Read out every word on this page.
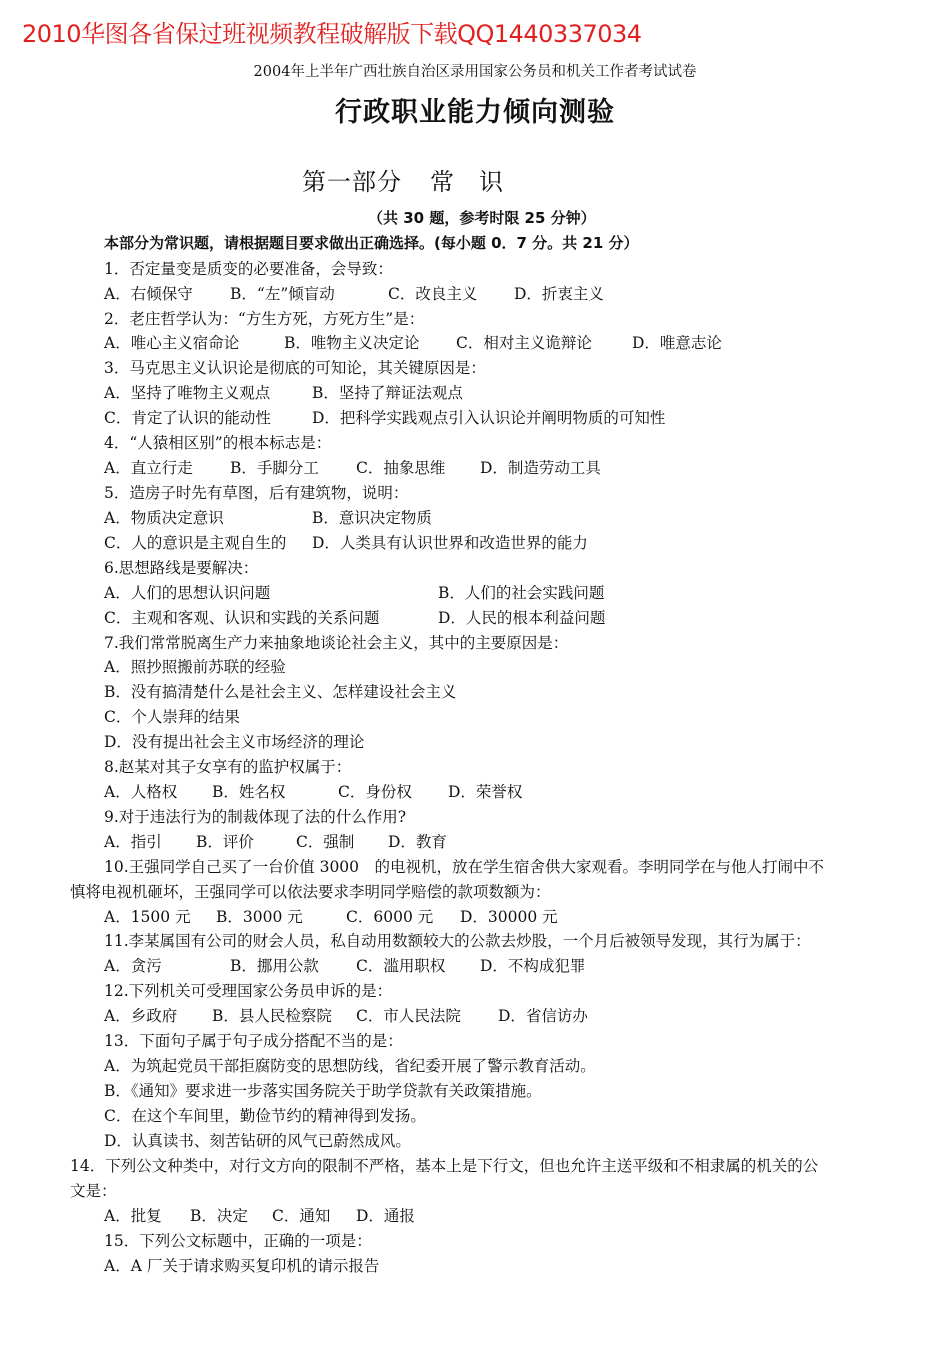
2010华图各省保过班视频教程破解版下载QQ1440337034
2004年上半年广西壮族自治区录用国家公务员和机关工作者考试试卷
行政职业能力倾向测验
第一部分 常 识
（共 30 题，参考时限 25 分钟）
本部分为常识题，请根据题目要求做出正确选择。(每小题 0．7 分。共 21 分）
1．否定量变是质变的必要准备，会导致：
A．右倾保守 B．“左”倾盲动	C．改良主义 D．折衷主义
2．老庄哲学认为：“方生方死，方死方生”是：
A．唯心主义宿命论	B．唯物主义决定论 C．相对主义诡辩论	D．唯意志论
3．马克思主义认识论是彻底的可知论，其关键原因是：
A．坚持了唯物主义观点	B．坚持了辩证法观点
C．肯定了认识的能动性	D．把科学实践观点引入认识论并阐明物质的可知性
4．“人猿相区别”的根本标志是：
A．直立行走 B．手脚分工 C．抽象思维 D．制造劳动工具
5．造房子时先有草图，后有建筑物，说明：
A．物质决定意识	B．意识决定物质
C．人的意识是主观自生的 D．人类具有认识世界和改造世界的能力
6.思想路线是要解决：
A．人们的思想认识问题	B．人们的社会实践问题
C．主观和客观、认识和实践的关系问题	D．人民的根本利益问题
7.我们常常脱离生产力来抽象地谈论社会主义，其中的主要原因是：
A．照抄照搬前苏联的经验
B．没有搞清楚什么是社会主义、怎样建设社会主义
C．个人崇拜的结果
D．没有提出社会主义市场经济的理论
8.赵某对其子女享有的监护权属于：
A．人格权 B．姓名权	C．身份权 D．荣誉权
9.对于违法行为的制裁体现了法的什么作用?
A．指引 B．评价	C．强制 D．教育
10.王强同学自己买了一台价值 3000　的电视机，放在学生宿舍供大家观看。李明同学在与他人打闹中不
慎将电视机砸坏，王强同学可以依法要求李明同学赔偿的款项数额为：
A．1500 元 B．3000 元	C．6000 元 D．30000 元
11.李某属国有公司的财会人员，私自动用数额较大的公款去炒股，一个月后被领导发现，其行为属于：
A．贪污	B．挪用公款 C．滥用职权 D．不构成犯罪
12.下列机关可受理国家公务员申诉的是：
A．乡政府 B．县人民检察院 C．市人民法院 D．省信访办
13．下面句子属于句子成分搭配不当的是：
A．为筑起党员干部拒腐防变的思想防线，省纪委开展了警示教育活动。
B．《通知》要求进一步落实国务院关于助学贷款有关政策措施。
C．在这个车间里，勤俭节约的精神得到发扬。
D．认真读书、刻苦钻研的风气已蔚然成风。
14．下列公文种类中，对行文方向的限制不严格，基本上是下行文，但也允许主送平级和不相隶属的机关的公
文是：
A．批复 B．决定 C．通知 D．通报
15．下列公文标题中，正确的一项是：
A．A 厂关于请求购买复印机的请示报告
